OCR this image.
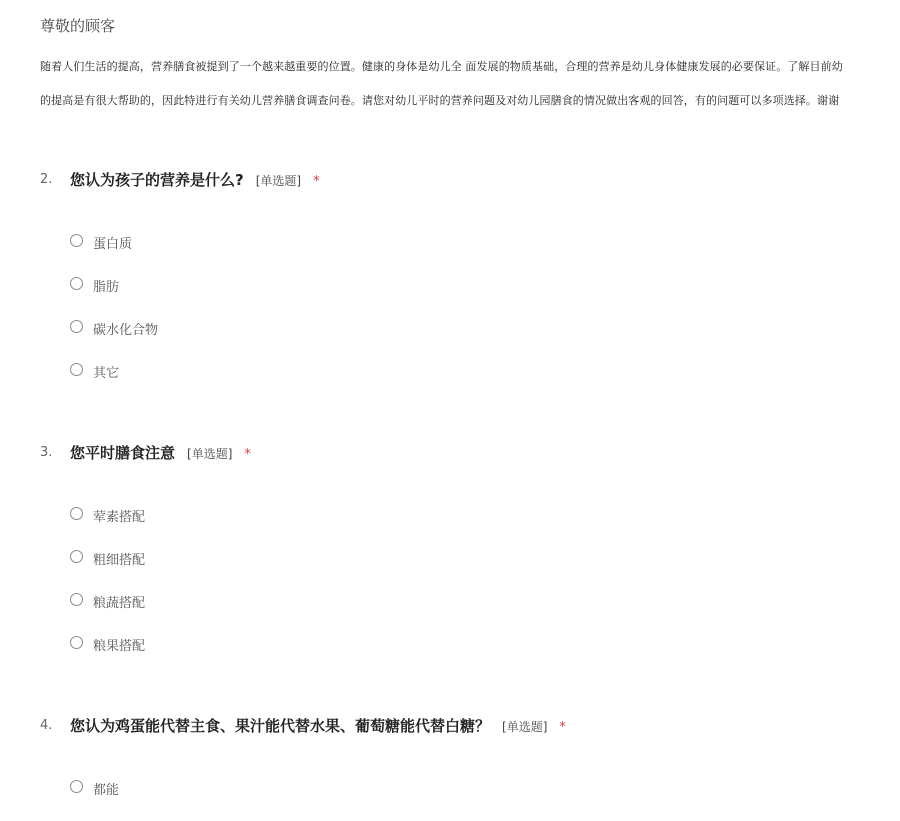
尊敬的顾客
随着人们生活的提高，营养膳食被提到了一个越来越重要的位置。健康的身体是幼儿全 面发展的物质基础，合理的营养是幼儿身体健康发展的必要保证。了解目前幼
的提高是有很大帮助的，因此特进行有关幼儿营养膳食调查问卷。请您对幼儿平时的营养问题及对幼儿园膳食的情况做出客观的回答，有的问题可以多项选择。谢谢
2. 您认为孩子的营养是什么? [单选题] *
蛋白质
脂肪
碳水化合物
其它
3. 您平时膳食注意 [单选题] *
荤素搭配
粗细搭配
粮蔬搭配
粮果搭配
4. 您认为鸡蛋能代替主食、果汁能代替水果、葡萄糖能代替白糖？ [单选题] *
都能
